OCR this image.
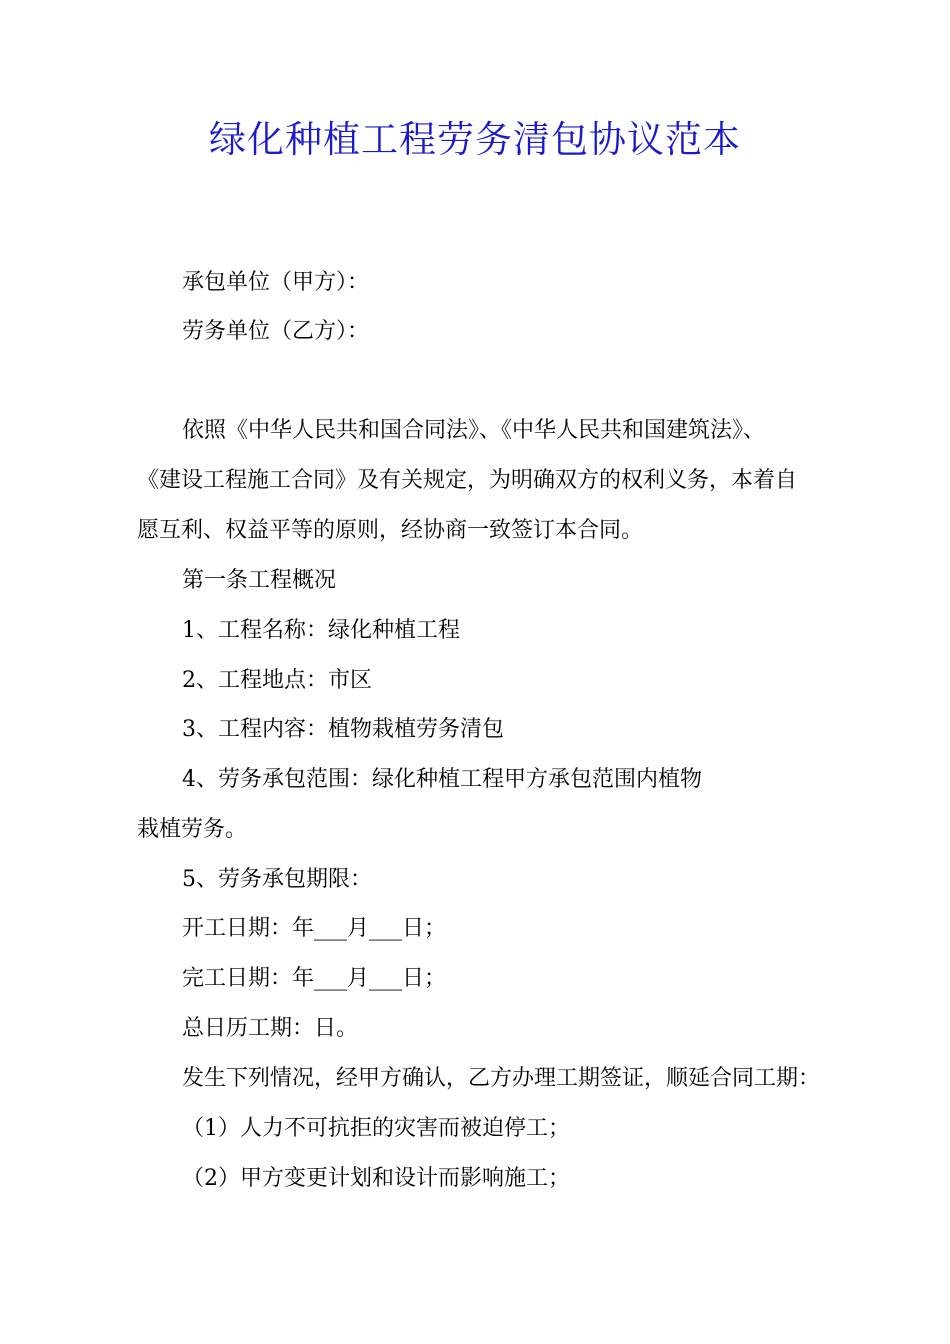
绿化种植工程劳务清包协议范本
承包单位（甲方）：
劳务单位（乙方）：
依照《中华人民共和国合同法》、《中华人民共和国建筑法》、
《建设工程施工合同》及有关规定，为明确双方的权利义务，本着自
愿互利、权益平等的原则，经协商一致签订本合同。
第一条工程概况
1、工程名称：绿化种植工程
2、工程地点：市区
3、工程内容：植物栽植劳务清包
4、劳务承包范围：绿化种植工程甲方承包范围内植物
栽植劳务。
5、劳务承包期限：
开工日期：年___月___日；
完工日期：年___月___日；
总日历工期：日。
发生下列情况，经甲方确认，乙方办理工期签证，顺延合同工期：
（1）人力不可抗拒的灾害而被迫停工；
（2）甲方变更计划和设计而影响施工；
